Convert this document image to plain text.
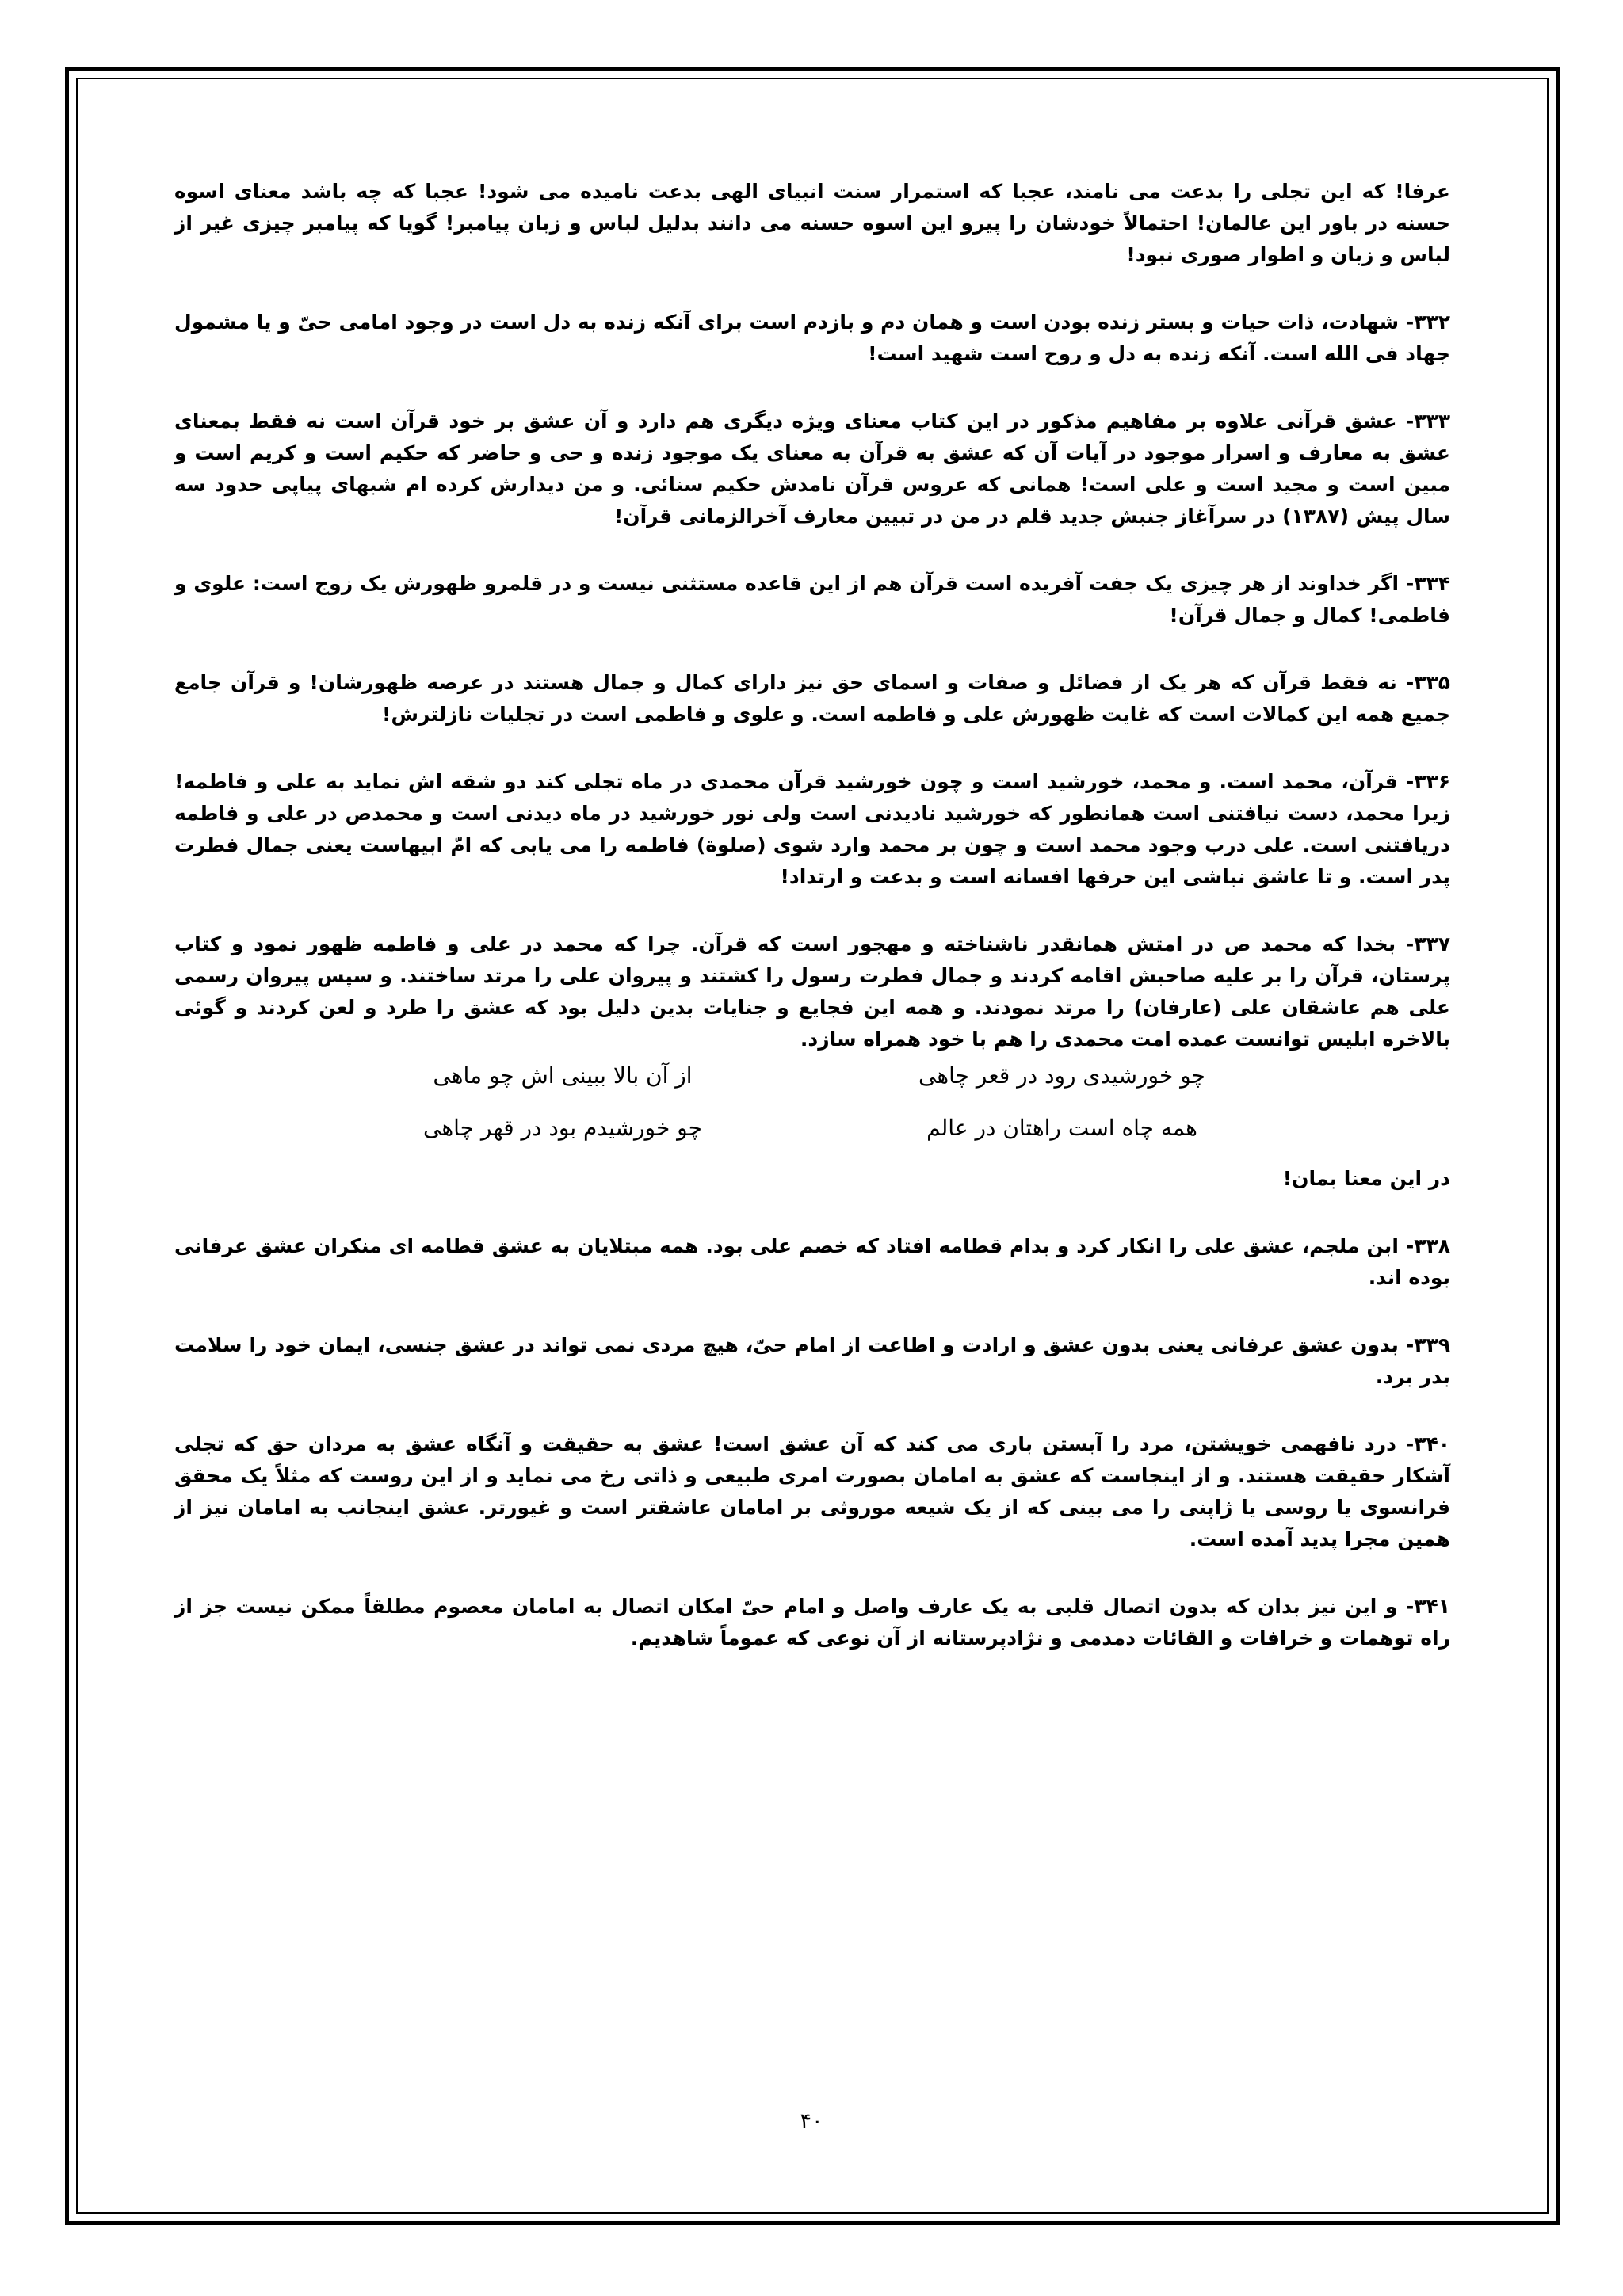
عرفا! که این تجلی را بدعت می نامند، عجبا که استمرار سنت انبیای الهی بدعت نامیده می شود! عجبا که چه باشد معنای اسوه حسنه در باور این عالمان! احتمالاً خودشان را پیرو این اسوه حسنه می دانند بدلیل لباس و زبان پیامبر! گویا که پیامبر چیزی غیر از لباس و زبان و اطوار صوری نبود!

۳۳۲- شهادت، ذات حیات و بستر زنده بودن است و همان دم و بازدم است برای آنکه زنده به دل است در وجود امامی حیّ و یا مشمول جهاد فی الله است. آنکه زنده به دل و روح است شهید است!

۳۳۳- عشق قرآنی علاوه بر مفاهیم مذکور در این کتاب معنای ویژه دیگری هم دارد و آن عشق بر خود قرآن است نه فقط بمعنای عشق به معارف و اسرار موجود در آیات آن که عشق به قرآن به معنای یک موجود زنده و حی و حاضر که حکیم است و کریم است و مبین است و مجید است و علی است! همانی که عروس قرآن نامدش حکیم سنائی. و من دیدارش کرده ام شبهای پیاپی حدود سه سال پیش (۱۳۸۷) در سرآغاز جنبش جدید قلم در من در تبیین معارف آخرالزمانی قرآن!

۳۳۴- اگر خداوند از هر چیزی یک جفت آفریده است قرآن هم از این قاعده مستثنی نیست و در قلمرو ظهورش یک زوج است: علوی و فاطمی! کمال و جمال قرآن!

۳۳۵- نه فقط قرآن که هر یک از فضائل و صفات و اسمای حق نیز دارای کمال و جمال هستند در عرصه ظهورشان! و قرآن جامع جمیع همه این کمالات است که غایت ظهورش علی و فاطمه است. و علوی و فاطمی است در تجلیات نازلترش!

۳۳۶- قرآن، محمد است. و محمد، خورشید است و چون خورشید قرآن محمدی در ماه تجلی کند دو شقه اش نماید به علی و فاطمه! زیرا محمد، دست نیافتنی است همانطور که خورشید نادیدنی است ولی نور خورشید در ماه دیدنی است و محمدص در علی و فاطمه دریافتنی است. علی درب وجود محمد است و چون بر محمد وارد شوی (صلوة) فاطمه را می یابی که امّ ابیهاست یعنی جمال فطرت پدر است. و تا عاشق نباشی این حرفها افسانه است و بدعت و ارتداد!

۳۳۷- بخدا که محمد ص در امتش همانقدر ناشناخته و مهجور است که قرآن. چرا که محمد در علی و فاطمه ظهور نمود و کتاب پرستان، قرآن را بر علیه صاحبش اقامه کردند و جمال فطرت رسول را کشتند و پیروان علی را مرتد ساختند. و سپس پیروان رسمی علی هم عاشقان علی (عارفان) را مرتد نمودند. و همه این فجایع و جنایات بدین دلیل بود که عشق را طرد و لعن کردند و گوئی بالاخره ابلیس توانست عمده امت محمدی را هم با خود همراه سازد.

چو خورشیدی رود در قعر چاهی
از آن بالا ببینی اش چو ماهی
همه چاه است راهتان در عالم
چو خورشیدم بود در قهر چاهی

در این معنا بمان!

۳۳۸- ابن ملجم، عشق علی را انکار کرد و بدام قطامه افتاد که خصم علی بود. همه مبتلایان به عشق قطامه ای منکران عشق عرفانی بوده اند.

۳۳۹- بدون عشق عرفانی یعنی بدون عشق و ارادت و اطاعت از امام حیّ، هیچ مردی نمی تواند در عشق جنسی، ایمان خود را سلامت بدر برد.

۳۴۰- درد نافهمی خویشتن، مرد را آبستن باری می کند که آن عشق است! عشق به حقیقت و آنگاه عشق به مردان حق که تجلی آشکار حقیقت هستند. و از اینجاست که عشق به امامان بصورت امری طبیعی و ذاتی رخ می نماید و از این روست که مثلاً یک محقق فرانسوی یا روسی یا ژاپنی را می بینی که از یک شیعه موروثی بر امامان عاشقتر است و غیورتر. عشق اینجانب به امامان نیز از همین مجرا پدید آمده است.

۳۴۱- و این نیز بدان که بدون اتصال قلبی به یک عارف واصل و امام حیّ امکان اتصال به امامان معصوم مطلقاً ممکن نیست جز از راه توهمات و خرافات و القائات دمدمی و نژادپرستانه از آن نوعی که عموماً شاهدیم.

۴۰
